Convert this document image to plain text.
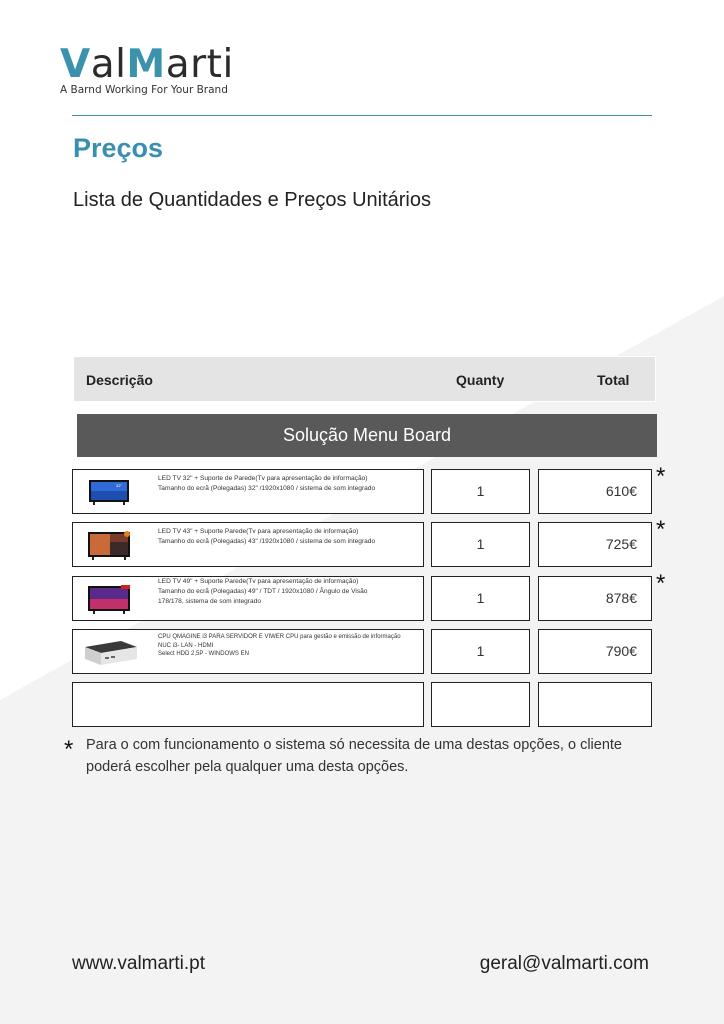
ValMarti
A Barnd Working For Your Brand
Preços
Lista de Quantidades e Preços Unitários
Descrição	Quanty	Total
Solução Menu Board
32"
LED TV 32" + Suporte de Parede(Tv para apresentação de informação)
Tamanho do ecrã (Polegadas) 32" /1920x1080 / sistema de som integrado	1	610€
*
LED TV 43" + Suporte Parede(Tv para apresentação de informação)
Tamanho do ecrã (Polegadas) 43" /1920x1080 / sistema de som integrado	1	725€
*
LED TV 49" + Suporte Parede(Tv para apresentação de informação)
Tamanho do ecrã (Polegadas) 49" / TDT / 1920x1080 / Ângulo de Visão
178/178, sistema de som integrado	1	878€
*
CPU QMAGINE i3 PARA SERVIDOR E VIWER CPU para gestão e emissão de informação
NUC i3- LAN - HDMI
Select HDD 2,5P - WINDOWS EN	1	790€
* Para o com funcionamento o sistema só necessita de uma destas opções, o cliente poderá escolher pela qualquer uma desta opções.
www.valmarti.pt	geral@valmarti.com
